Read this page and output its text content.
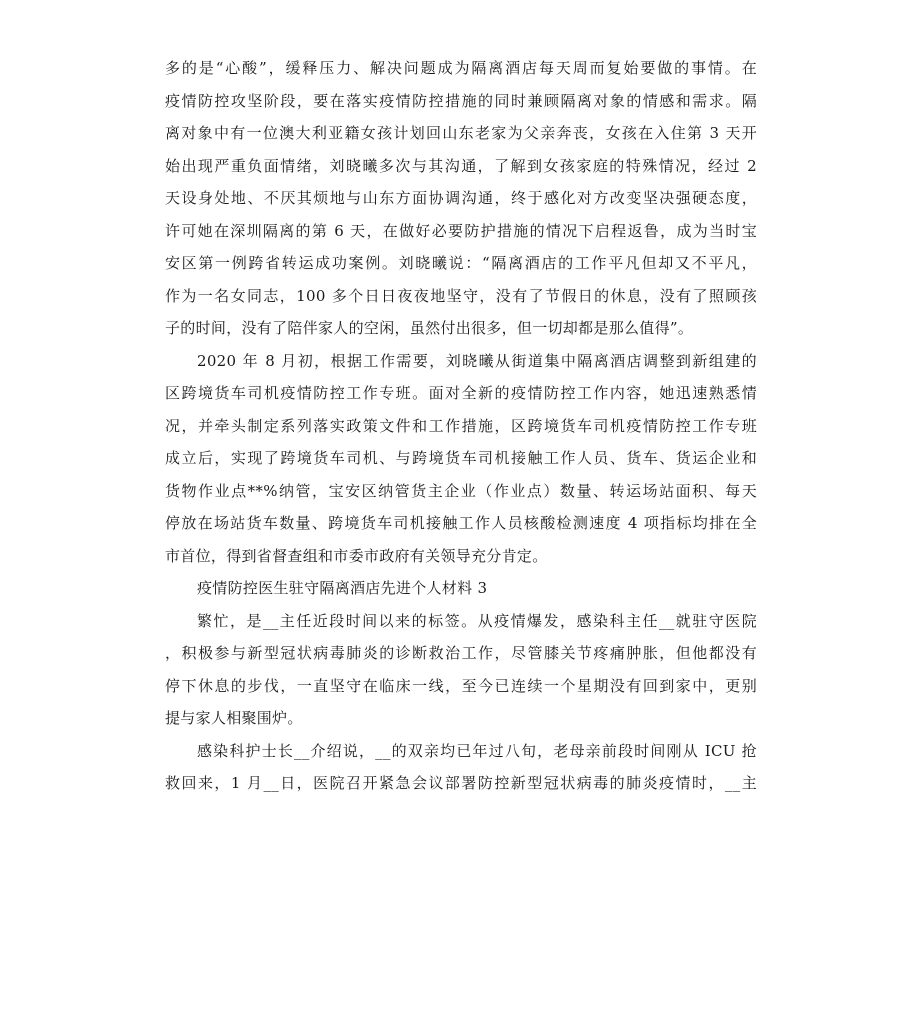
多的是“心酸”，缓释压力、解决问题成为隔离酒店每天周而复始要做的事情。在
疫情防控攻坚阶段，要在落实疫情防控措施的同时兼顾隔离对象的情感和需求。隔
离对象中有一位澳大利亚籍女孩计划回山东老家为父亲奔丧，女孩在入住第 3 天开
始出现严重负面情绪，刘晓曦多次与其沟通，了解到女孩家庭的特殊情况，经过 2
天设身处地、不厌其烦地与山东方面协调沟通，终于感化对方改变坚决强硬态度，
许可她在深圳隔离的第 6 天，在做好必要防护措施的情况下启程返鲁，成为当时宝
安区第一例跨省转运成功案例。刘晓曦说：“隔离酒店的工作平凡但却又不平凡，
作为一名女同志，100 多个日日夜夜地坚守，没有了节假日的休息，没有了照顾孩
子的时间，没有了陪伴家人的空闲，虽然付出很多，但一切却都是那么值得”。
2020 年 8 月初，根据工作需要，刘晓曦从街道集中隔离酒店调整到新组建的
区跨境货车司机疫情防控工作专班。面对全新的疫情防控工作内容，她迅速熟悉情
况，并牵头制定系列落实政策文件和工作措施，区跨境货车司机疫情防控工作专班
成立后，实现了跨境货车司机、与跨境货车司机接触工作人员、货车、货运企业和
货物作业点**%纳管，宝安区纳管货主企业（作业点）数量、转运场站面积、每天
停放在场站货车数量、跨境货车司机接触工作人员核酸检测速度 4 项指标均排在全
市首位，得到省督查组和市委市政府有关领导充分肯定。
疫情防控医生驻守隔离酒店先进个人材料 3
繁忙，是__主任近段时间以来的标签。从疫情爆发，感染科主任__就驻守医院
，积极参与新型冠状病毒肺炎的诊断救治工作，尽管膝关节疼痛肿胀，但他都没有
停下休息的步伐，一直坚守在临床一线，至今已连续一个星期没有回到家中，更别
提与家人相聚围炉。
感染科护士长__介绍说，__的双亲均已年过八旬，老母亲前段时间刚从 ICU 抢
救回来，1 月__日，医院召开紧急会议部署防控新型冠状病毒的肺炎疫情时，__主
